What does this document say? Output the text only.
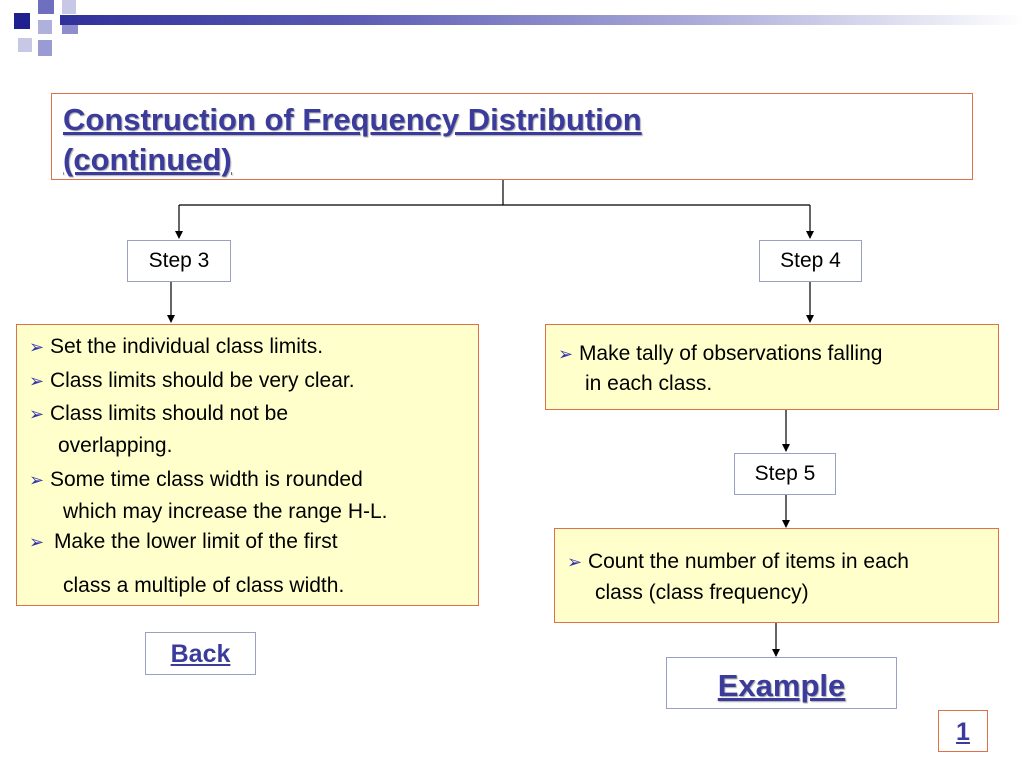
Construction of Frequency Distribution
(continued)

Step 3	Step 4
Step 5
➢ Set the individual class limits.
➢ Class limits should be very clear.
➢ Class limits should not be
overlapping.
➢ Some time class width is rounded
which may increase the range H-L.
➢ Make the lower limit of the first
class a multiple of class width.
➢ Make tally of observations falling
in each class.
➢ Count the number of items in each
class (class frequency)
Back
Example
1
